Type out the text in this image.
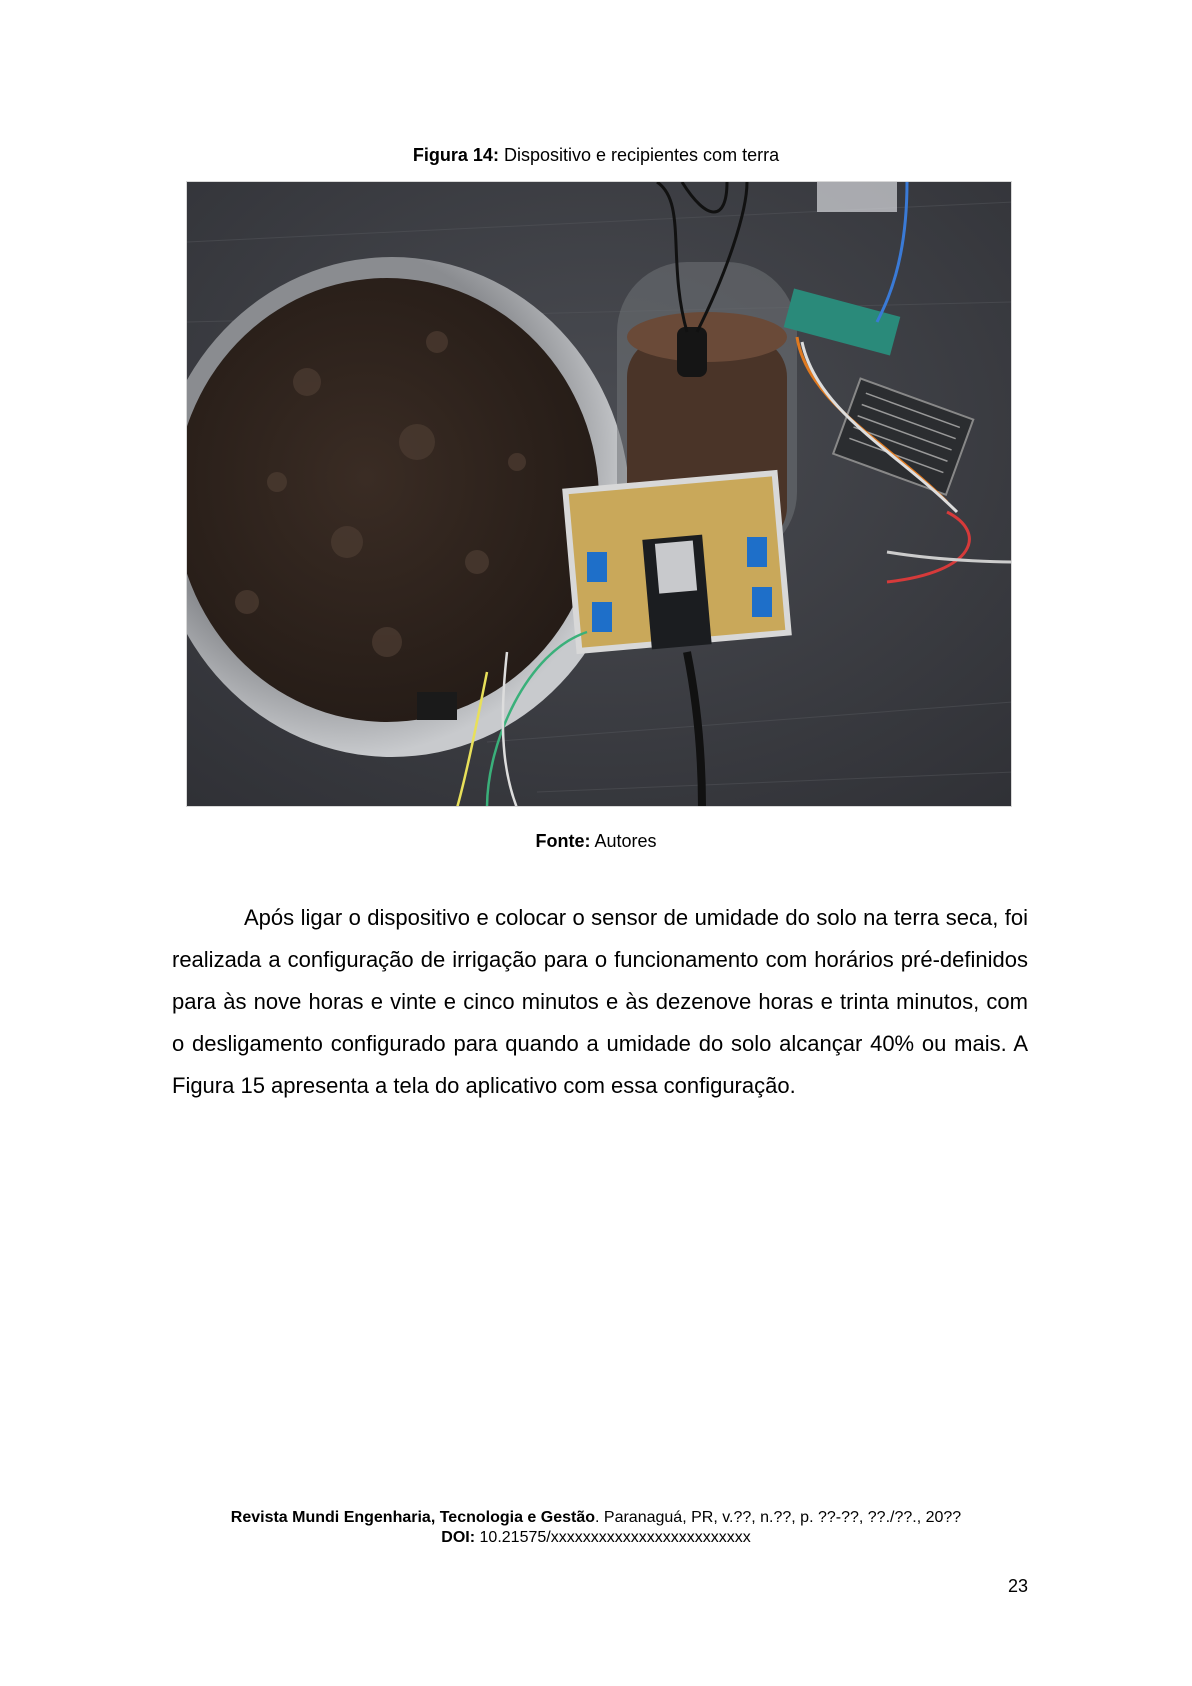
Figura 14: Dispositivo e recipientes com terra
Fonte: Autores

Após ligar o dispositivo e colocar o sensor de umidade do solo na terra seca, foi realizada a configuração de irrigação para o funcionamento com horários pré-definidos para às nove horas e vinte e cinco minutos e às dezenove horas e trinta minutos, com o desligamento configurado para quando a umidade do solo alcançar 40% ou mais. A Figura 15 apresenta a tela do aplicativo com essa configuração.

Revista Mundi Engenharia, Tecnologia e Gestão. Paranaguá, PR, v.??, n.??, p. ??-??, ??./??., 20??
DOI: 10.21575/xxxxxxxxxxxxxxxxxxxxxxxxx
23
